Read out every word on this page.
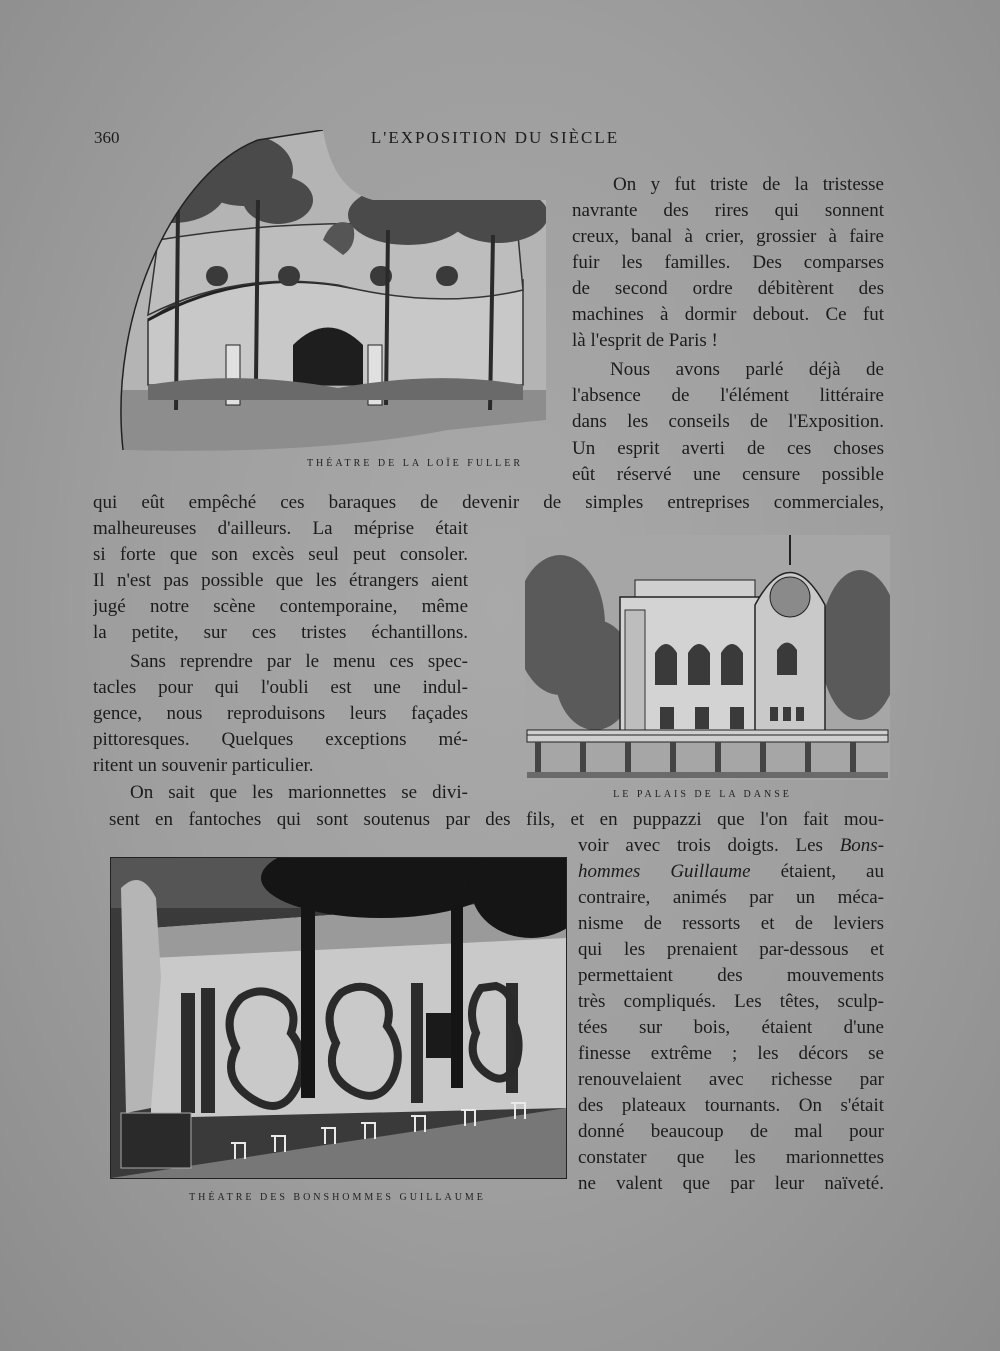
360	L'EXPOSITION DU SIÈCLE
THÉATRE DE LA LOÏE FULLER
On y fut triste de la tristesse
navrante des rires qui sonnent
creux, banal à crier, grossier à faire
fuir les familles. Des comparses
de second ordre débitèrent des
machines à dormir debout. Ce fut
là l'esprit de Paris !
Nous avons parlé déjà de
l'absence de l'élément littéraire
dans les conseils de l'Exposition.
Un esprit averti de ces choses
eût réservé une censure possible
qui eût empêché ces baraques de devenir de simples entreprises commerciales,
malheureuses d'ailleurs. La méprise était
si forte que son excès seul peut consoler.
Il n'est pas possible que les étrangers aient
jugé notre scène contemporaine, même
la petite, sur ces tristes échantillons.
Sans reprendre par le menu ces spec-
tacles pour qui l'oubli est une indul-
gence, nous reproduisons leurs façades
pittoresques. Quelques exceptions mé-
ritent un souvenir particulier.
On sait que les marionnettes se divi-	LE PALAIS DE LA DANSE
sent en fantoches qui sont soutenus par des fils, et en puppazzi que l'on fait mou-
voir avec trois doigts. Les Bons-
hommes Guillaume étaient, au
contraire, animés par un méca-
nisme de ressorts et de leviers
qui les prenaient par-dessous et
permettaient des mouvements
très compliqués. Les têtes, sculp-
tées sur bois, étaient d'une
finesse extrême ; les décors se
renouvelaient avec richesse par
des plateaux tournants. On s'était
donné beaucoup de mal pour
constater que les marionnettes
ne valent que par leur naïveté.
THÉATRE DES BONSHOMMES GUILLAUME
